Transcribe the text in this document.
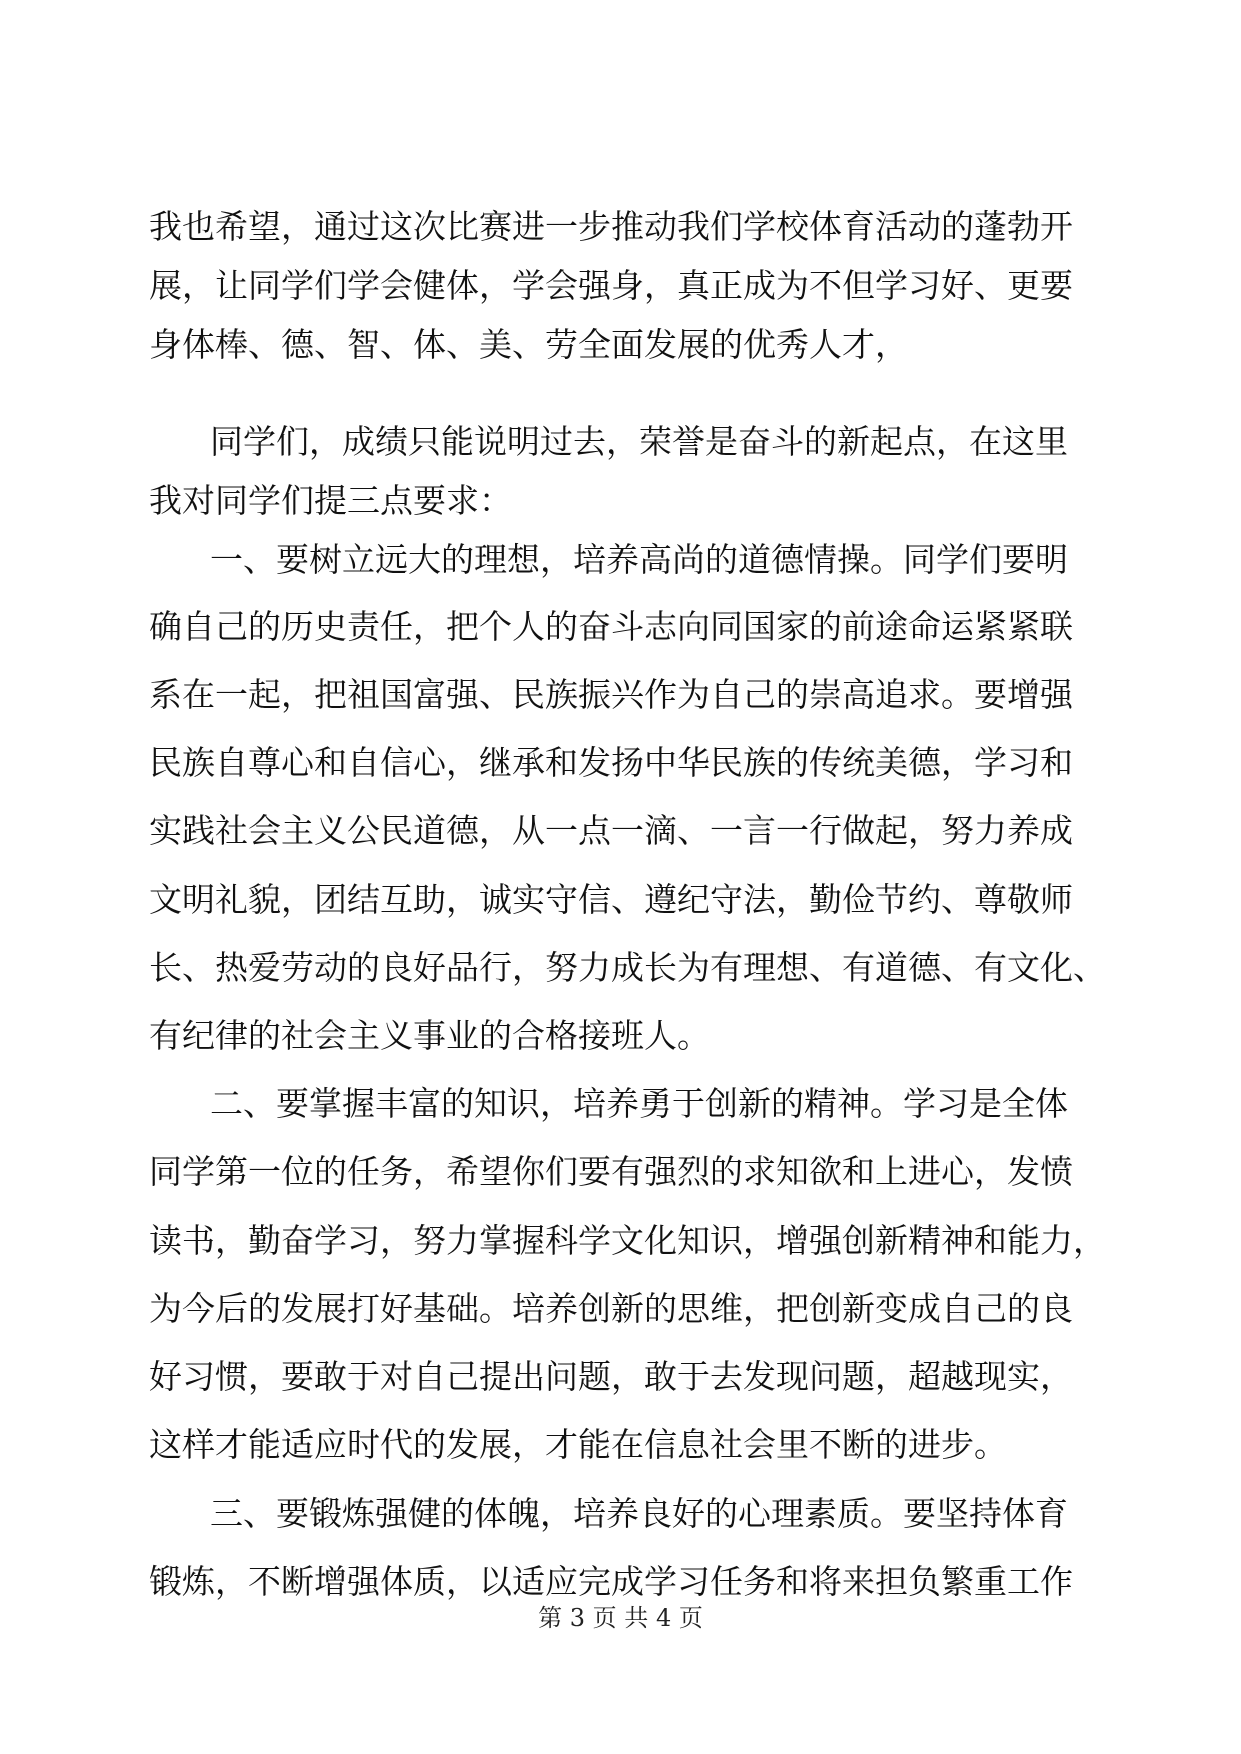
我也希望，通过这次比赛进一步推动我们学校体育活动的蓬勃开
展，让同学们学会健体，学会强身，真正成为不但学习好、更要
身体棒、德、智、体、美、劳全面发展的优秀人才，
同学们，成绩只能说明过去，荣誉是奋斗的新起点，在这里
我对同学们提三点要求：
一、要树立远大的理想，培养高尚的道德情操。同学们要明
确自己的历史责任，把个人的奋斗志向同国家的前途命运紧紧联
系在一起，把祖国富强、民族振兴作为自己的崇高追求。要增强
民族自尊心和自信心，继承和发扬中华民族的传统美德，学习和
实践社会主义公民道德，从一点一滴、一言一行做起，努力养成
文明礼貌，团结互助，诚实守信、遵纪守法，勤俭节约、尊敬师
长、热爱劳动的良好品行，努力成长为有理想、有道德、有文化、
有纪律的社会主义事业的合格接班人。
二、要掌握丰富的知识，培养勇于创新的精神。学习是全体
同学第一位的任务，希望你们要有强烈的求知欲和上进心，发愤
读书，勤奋学习，努力掌握科学文化知识，增强创新精神和能力，
为今后的发展打好基础。培养创新的思维，把创新变成自己的良
好习惯，要敢于对自己提出问题，敢于去发现问题，超越现实，
这样才能适应时代的发展，才能在信息社会里不断的进步。
三、要锻炼强健的体魄，培养良好的心理素质。要坚持体育
锻炼，不断增强体质，以适应完成学习任务和将来担负繁重工作
第 3 页 共 4 页
